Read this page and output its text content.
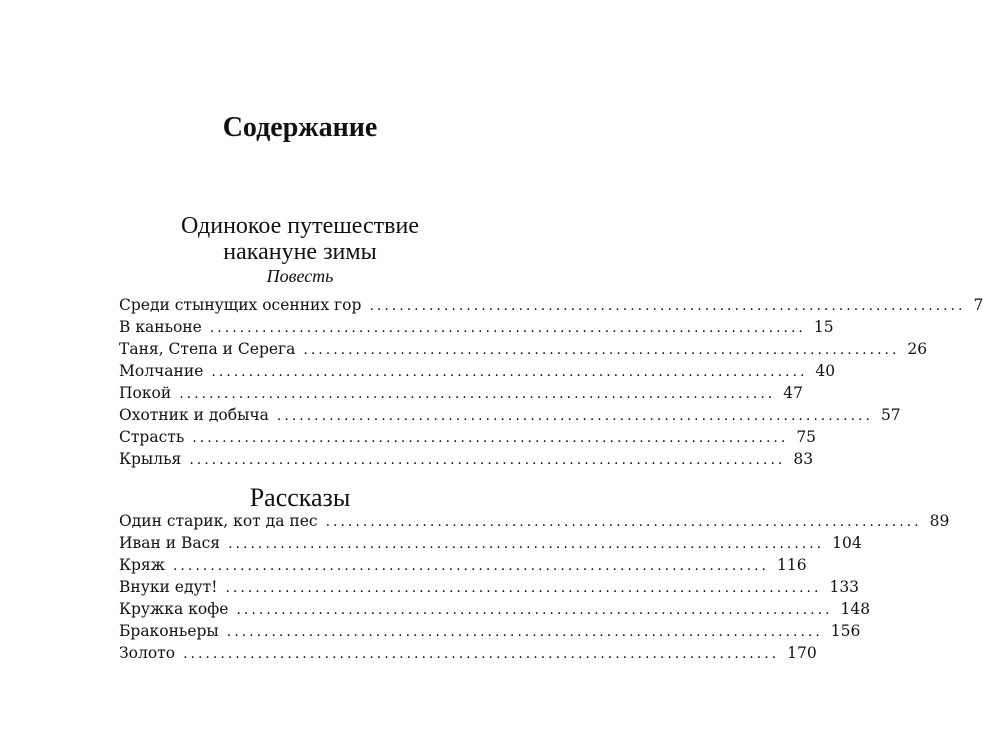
Содержание
Одинокое путешествие
накануне зимы
Повесть
Среди стынущих осенних гор ................................................................................ 7
В каньоне ................................................................................ 15
Таня, Степа и Серега ................................................................................ 26
Молчание ................................................................................ 40
Покой ................................................................................ 47
Охотник и добыча ................................................................................ 57
Страсть ................................................................................ 75
Крылья ................................................................................ 83
Рассказы
Один старик, кот да пес ................................................................................ 89
Иван и Вася ................................................................................ 104
Кряж ................................................................................ 116
Внуки едут! ................................................................................ 133
Кружка кофе ................................................................................ 148
Браконьеры ................................................................................ 156
Золото ................................................................................ 170
